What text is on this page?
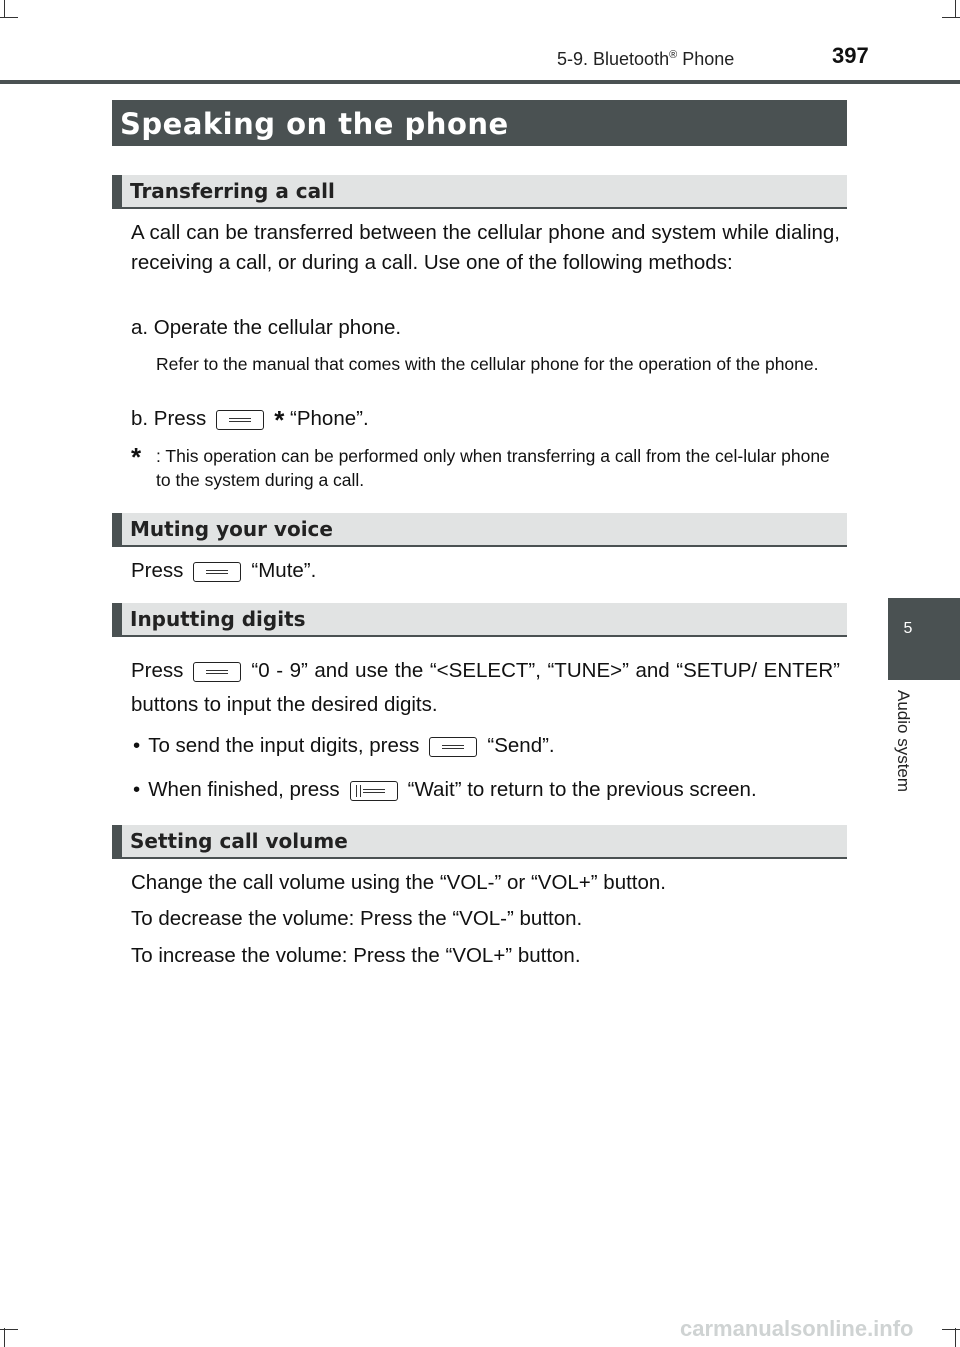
5-9. Bluetooth® Phone	397
Speaking on the phone
Transferring a call
A call can be transferred between the cellular phone and system while dialing, receiving a call, or during a call. Use one of the following methods:
a. Operate the cellular phone.
Refer to the manual that comes with the cellular phone for the operation of the phone.
b. Press	* “Phone”.
* : This operation can be performed only when transferring a call from the cel-lular phone to the system during a call.
Muting your voice
Press	“Mute”.
Inputting digits
Press	“0 - 9” and use the “<SELECT”, “TUNE>” and “SETUP/ ENTER” buttons to input the desired digits.
• To send the input digits, press	“Send”.
• When finished, press	“Wait” to return to the previous screen.
Setting call volume
Change the call volume using the “VOL-” or “VOL+” button.
To decrease the volume: Press the “VOL-” button.
To increase the volume: Press the “VOL+” button.
5
Audio system
carmanualsonline.info
